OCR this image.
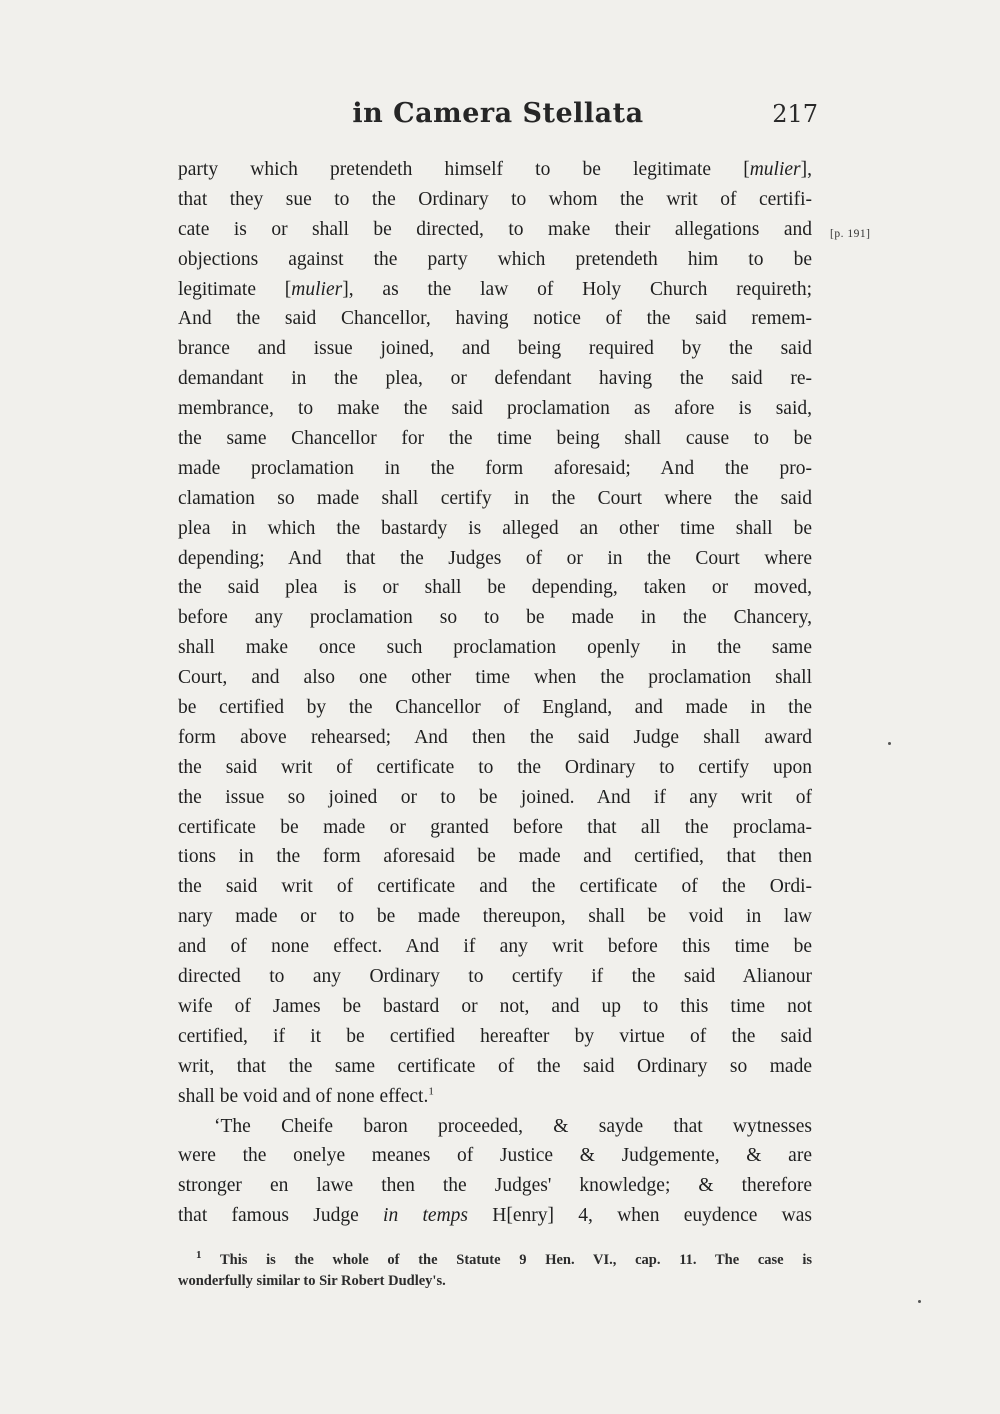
in Camera Stellata	217
[p. 191]
party which pretendeth himself to be legitimate [mulier],
that they sue to the Ordinary to whom the writ of certifi-
cate is or shall be directed, to make their allegations and
objections against the party which pretendeth him to be
legitimate [mulier], as the law of Holy Church requireth;
And the said Chancellor, having notice of the said remem-
brance and issue joined, and being required by the said
demandant in the plea, or defendant having the said re-
membrance, to make the said proclamation as afore is said,
the same Chancellor for the time being shall cause to be
made proclamation in the form aforesaid; And the pro-
clamation so made shall certify in the Court where the said
plea in which the bastardy is alleged an other time shall be
depending; And that the Judges of or in the Court where
the said plea is or shall be depending, taken or moved,
before any proclamation so to be made in the Chancery,
shall make once such proclamation openly in the same
Court, and also one other time when the proclamation shall
be certified by the Chancellor of England, and made in the
form above rehearsed; And then the said Judge shall award
the said writ of certificate to the Ordinary to certify upon
the issue so joined or to be joined. And if any writ of
certificate be made or granted before that all the proclama-
tions in the form aforesaid be made and certified, that then
the said writ of certificate and the certificate of the Ordi-
nary made or to be made thereupon, shall be void in law
and of none effect. And if any writ before this time be
directed to any Ordinary to certify if the said Alianour
wife of James be bastard or not, and up to this time not
certified, if it be certified hereafter by virtue of the said
writ, that the same certificate of the said Ordinary so made
shall be void and of none effect.$^1$
‘The Cheife baron proceeded, & sayde that wytnesses
were the onelye meanes of Justice & Judgemente, & are
stronger en lawe then the Judges' knowledge; & therefore
that famous Judge in temps H[enry] 4, when euydence was
$^1$ This is the whole of the Statute 9 Hen. VI., cap. 11. The case is
wonderfully similar to Sir Robert Dudley's.
